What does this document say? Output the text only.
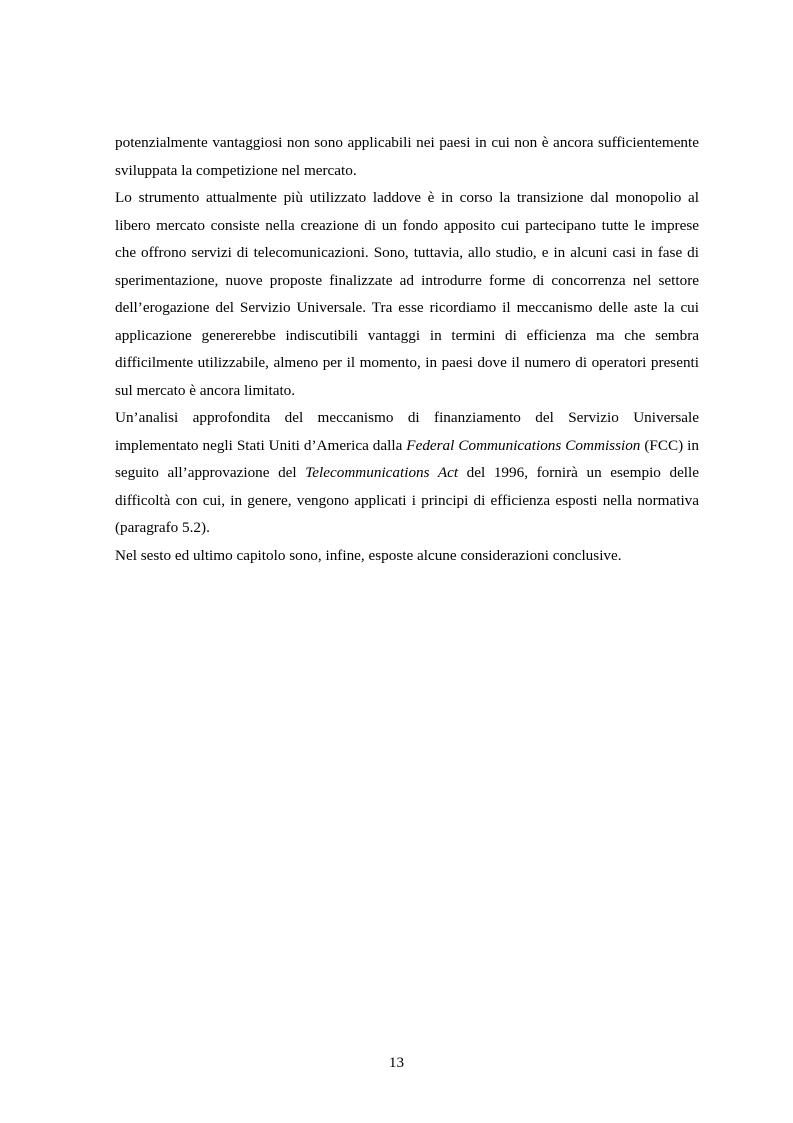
potenzialmente vantaggiosi non sono applicabili nei paesi in cui non è ancora sufficientemente sviluppata la competizione nel mercato.

Lo strumento attualmente più utilizzato laddove è in corso la transizione dal monopolio al libero mercato consiste nella creazione di un fondo apposito cui partecipano tutte le imprese che offrono servizi di telecomunicazioni. Sono, tuttavia, allo studio, e in alcuni casi in fase di sperimentazione, nuove proposte finalizzate ad introdurre forme di concorrenza nel settore dell’erogazione del Servizio Universale. Tra esse ricordiamo il meccanismo delle aste la cui applicazione genererebbe indiscutibili vantaggi in termini di efficienza ma che sembra difficilmente utilizzabile, almeno per il momento, in paesi dove il numero di operatori presenti sul mercato è ancora limitato.

Un’analisi approfondita del meccanismo di finanziamento del Servizio Universale implementato negli Stati Uniti d’America dalla Federal Communications Commission (FCC) in seguito all’approvazione del Telecommunications Act del 1996, fornirà un esempio delle difficoltà con cui, in genere, vengono applicati i principi di efficienza esposti nella normativa (paragrafo 5.2).

Nel sesto ed ultimo capitolo sono, infine, esposte alcune considerazioni conclusive.

13
